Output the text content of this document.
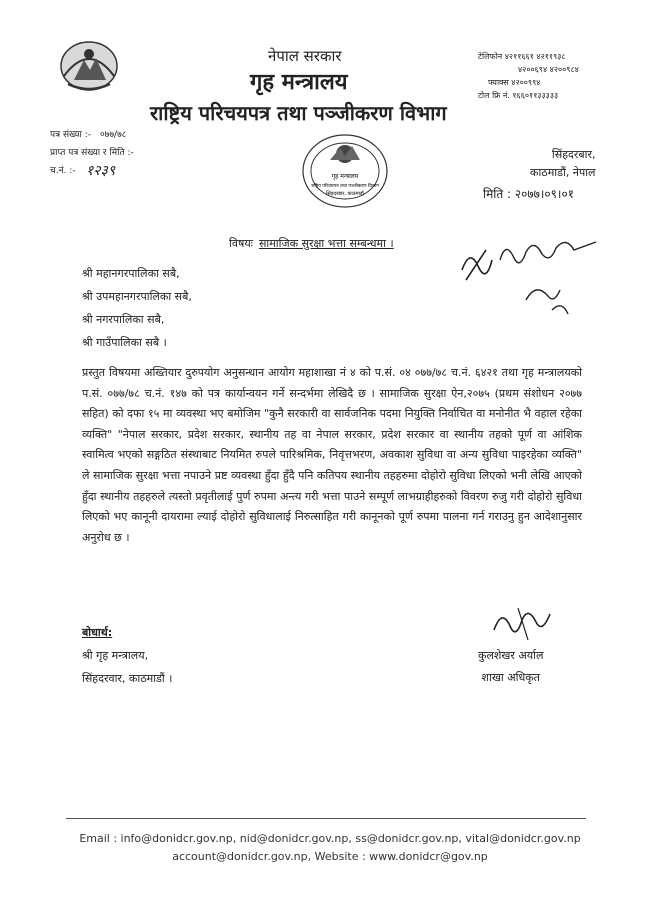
नेपाल सरकार
गृह मन्त्रालय
राष्ट्रिय परिचयपत्र तथा पञ्जीकरण विभाग
टेलिफोन ४२११६६१ ४२११९३८
४२००६९४ ४२००९८४
फ्याक्स ४२००९९४
टोल फ्रि नं. १६६०११३३३३३
पत्र संख्या :- ०७७/७८
प्राप्त पत्र संख्या र मिति :-
च.नं. :- १२३९	गृह मन्त्रालय
राष्ट्रिय परिचयपत्र तथा पञ्जीकरण विभाग
सिंहदरबार, काठमाडौं
सिंहदरबार,
काठमाडौं, नेपाल
मिति : २०७७।०९।०१
विषयः सामाजिक सुरक्षा भत्ता सम्बन्धमा ।
श्री महानगरपालिका सबै,
श्री उपमहानगरपालिका सबै,
श्री नगरपालिका सबै,
श्री गाउँपालिका सबै ।
प्रस्तुत विषयमा अख्तियार दुरुपयोग अनुसन्धान आयोग महाशाखा नं ४ को प.सं. ०४ ०७७/७८ च.नं. ६४२१ तथा गृह मन्त्रालयको प.सं. ०७७/७८ च.नं. १४७ को पत्र कार्यान्वयन गर्ने सन्दर्भमा लेखिदै छ । सामाजिक सुरक्षा ऐन,२०७५ (प्रथम संशोधन २०७७ सहित) को दफा १५ मा व्यवस्था भए बमोजिम "कुनै सरकारी वा सार्वजनिक पदमा नियुक्ति निर्वाचित वा मनोनीत भै वहाल रहेका व्यक्ति" "नेपाल सरकार, प्रदेश सरकार, स्थानीय तह वा नेपाल सरकार, प्रदेश सरकार वा स्थानीय तहको पूर्ण वा आंशिक स्वामित्व भएको सङ्गठित संस्थाबाट नियमित रुपले पारिश्रमिक, निवृत्तभरण, अवकाश सुविधा वा अन्य सुविधा पाइरहेका व्यक्ति" ले सामाजिक सुरक्षा भत्ता नपाउने प्रष्ट व्यवस्था हुँदा हुँदै पनि कतिपय स्थानीय तहहरुमा दोहोरो सुविधा लिएको भनी लेखि आएको हुँदा स्थानीय तहहरुले त्यस्तो प्रवृतीलाई पुर्ण रुपमा अन्त्य गरी भत्ता पाउने सम्पूर्ण लाभग्राहीहरुको विवरण रुजु गरी दोहोरो सुविधा लिएको भए कानूनी दायरामा ल्याई दोहोरो सुविधालाई निरुत्साहित गरी कानूनको पूर्ण रुपमा पालना गर्न गराउनु हुन आदेशानुसार अनुरोध छ ।
बोधार्थ:
श्री गृह मन्त्रालय,
सिंहदरवार, काठमाडौं ।
कुलशेखर अर्याल
शाखा अधिकृत
Email : info@donidcr.gov.np, nid@donidcr.gov.np, ss@donidcr.gov.np, vital@donidcr.gov.np
account@donidcr.gov.np, Website : www.donidcr@gov.np
